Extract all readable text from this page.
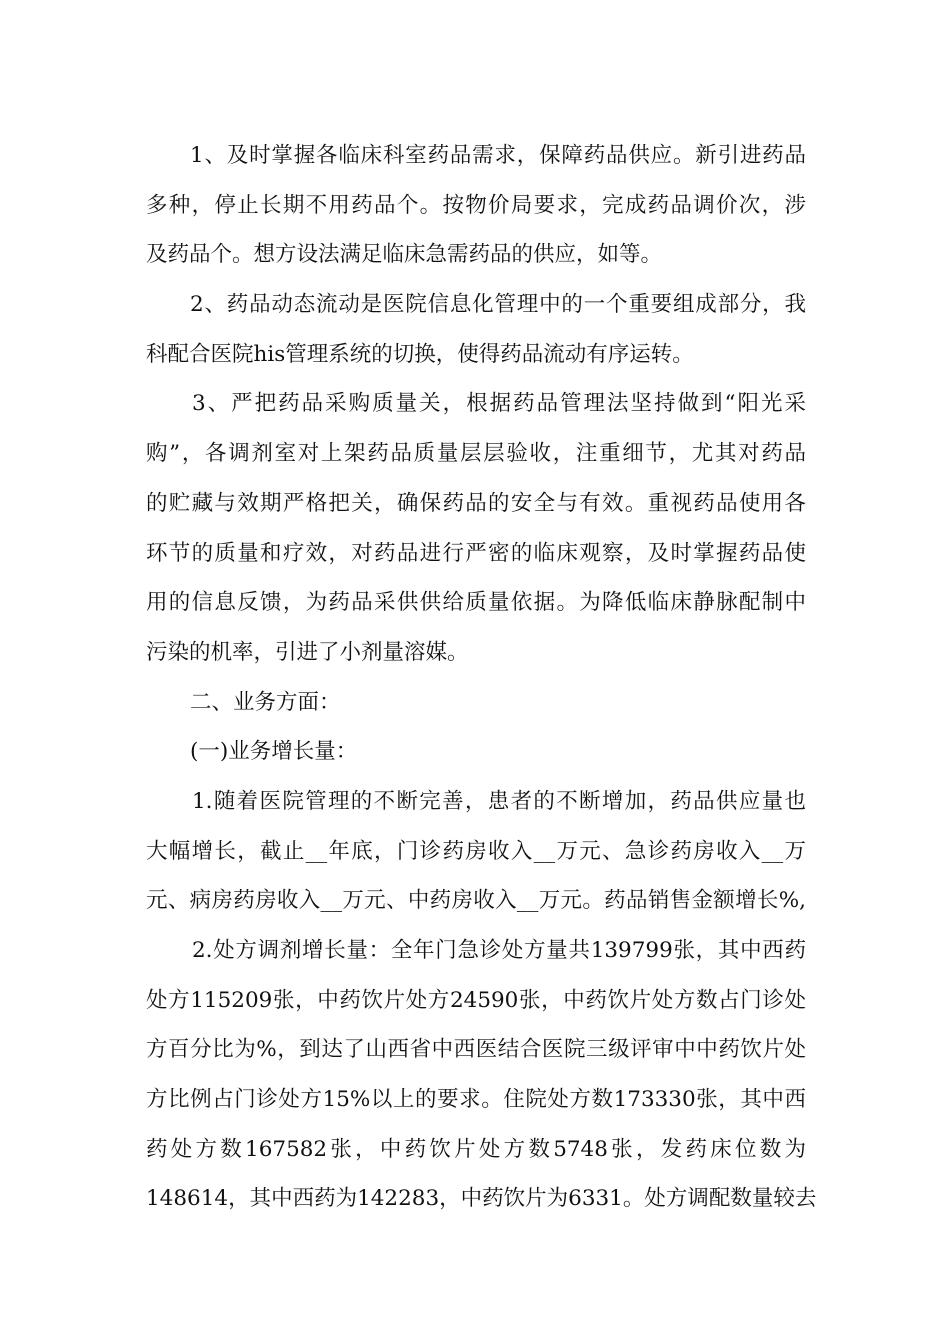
1、及时掌握各临床科室药品需求，保障药品供应。新引进药品
多种，停止长期不用药品个。按物价局要求，完成药品调价次，涉
及药品个。想方设法满足临床急需药品的供应，如等。
2、药品动态流动是医院信息化管理中的一个重要组成部分，我
科配合医院his管理系统的切换，使得药品流动有序运转。
3、严把药品采购质量关，根据药品管理法坚持做到“阳光采
购”，各调剂室对上架药品质量层层验收，注重细节，尤其对药品
的贮藏与效期严格把关，确保药品的安全与有效。重视药品使用各
环节的质量和疗效，对药品进行严密的临床观察，及时掌握药品使
用的信息反馈，为药品采供供给质量依据。为降低临床静脉配制中
污染的机率，引进了小剂量溶媒。
二、业务方面：
(一)业务增长量：
1.随着医院管理的不断完善，患者的不断增加，药品供应量也
大幅增长，截止__年底，门诊药房收入__万元、急诊药房收入__万
元、病房药房收入__万元、中药房收入__万元。药品销售金额增长%,
2.处方调剂增长量：全年门急诊处方量共139799张，其中西药
处方115209张，中药饮片处方24590张，中药饮片处方数占门诊处
方百分比为%，到达了山西省中西医结合医院三级评审中中药饮片处
方比例占门诊处方15%以上的要求。住院处方数173330张，其中西
药处方数167582张，中药饮片处方数5748张，发药床位数为
148614，其中西药为142283，中药饮片为6331。处方调配数量较去
